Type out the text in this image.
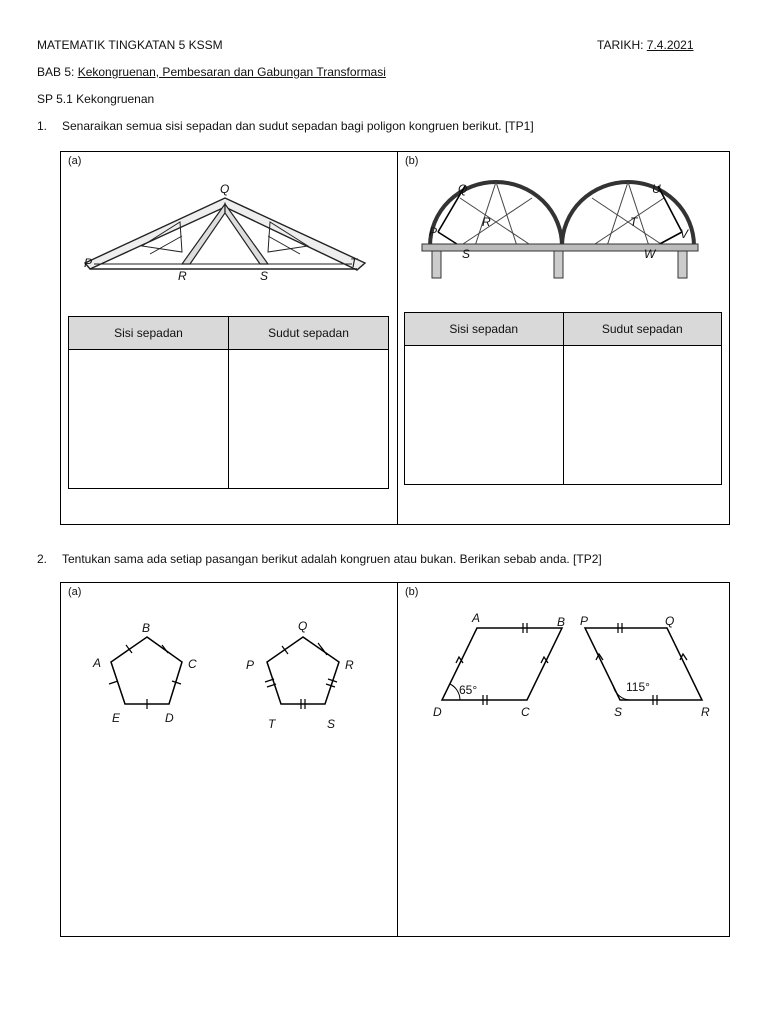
MATEMATIK TINGKATAN 5 KSSM	TARIKH: 7.4.2021
BAB 5: Kekongruenan, Pembesaran dan Gabungan Transformasi
SP 5.1 Kekongruenan
1. Senaraikan semua sisi sepadan dan sudut sepadan bagi poligon kongruen berikut. [TP1]
(a)
Q
P
R	S
T
Sisi sepadan	Sudut sepadan

(b)
Q	U
R	T
P	V
S	W
Sisi sepadan	Sudut sepadan

2. Tentukan sama ada setiap pasangan berikut adalah kongruen atau bukan. Berikan sebab anda. [TP2]
(a)
B
A	C
E	D
Q
P	R
T	S
(b)
A	B
D	C
65°
P	Q
S	R
115°
